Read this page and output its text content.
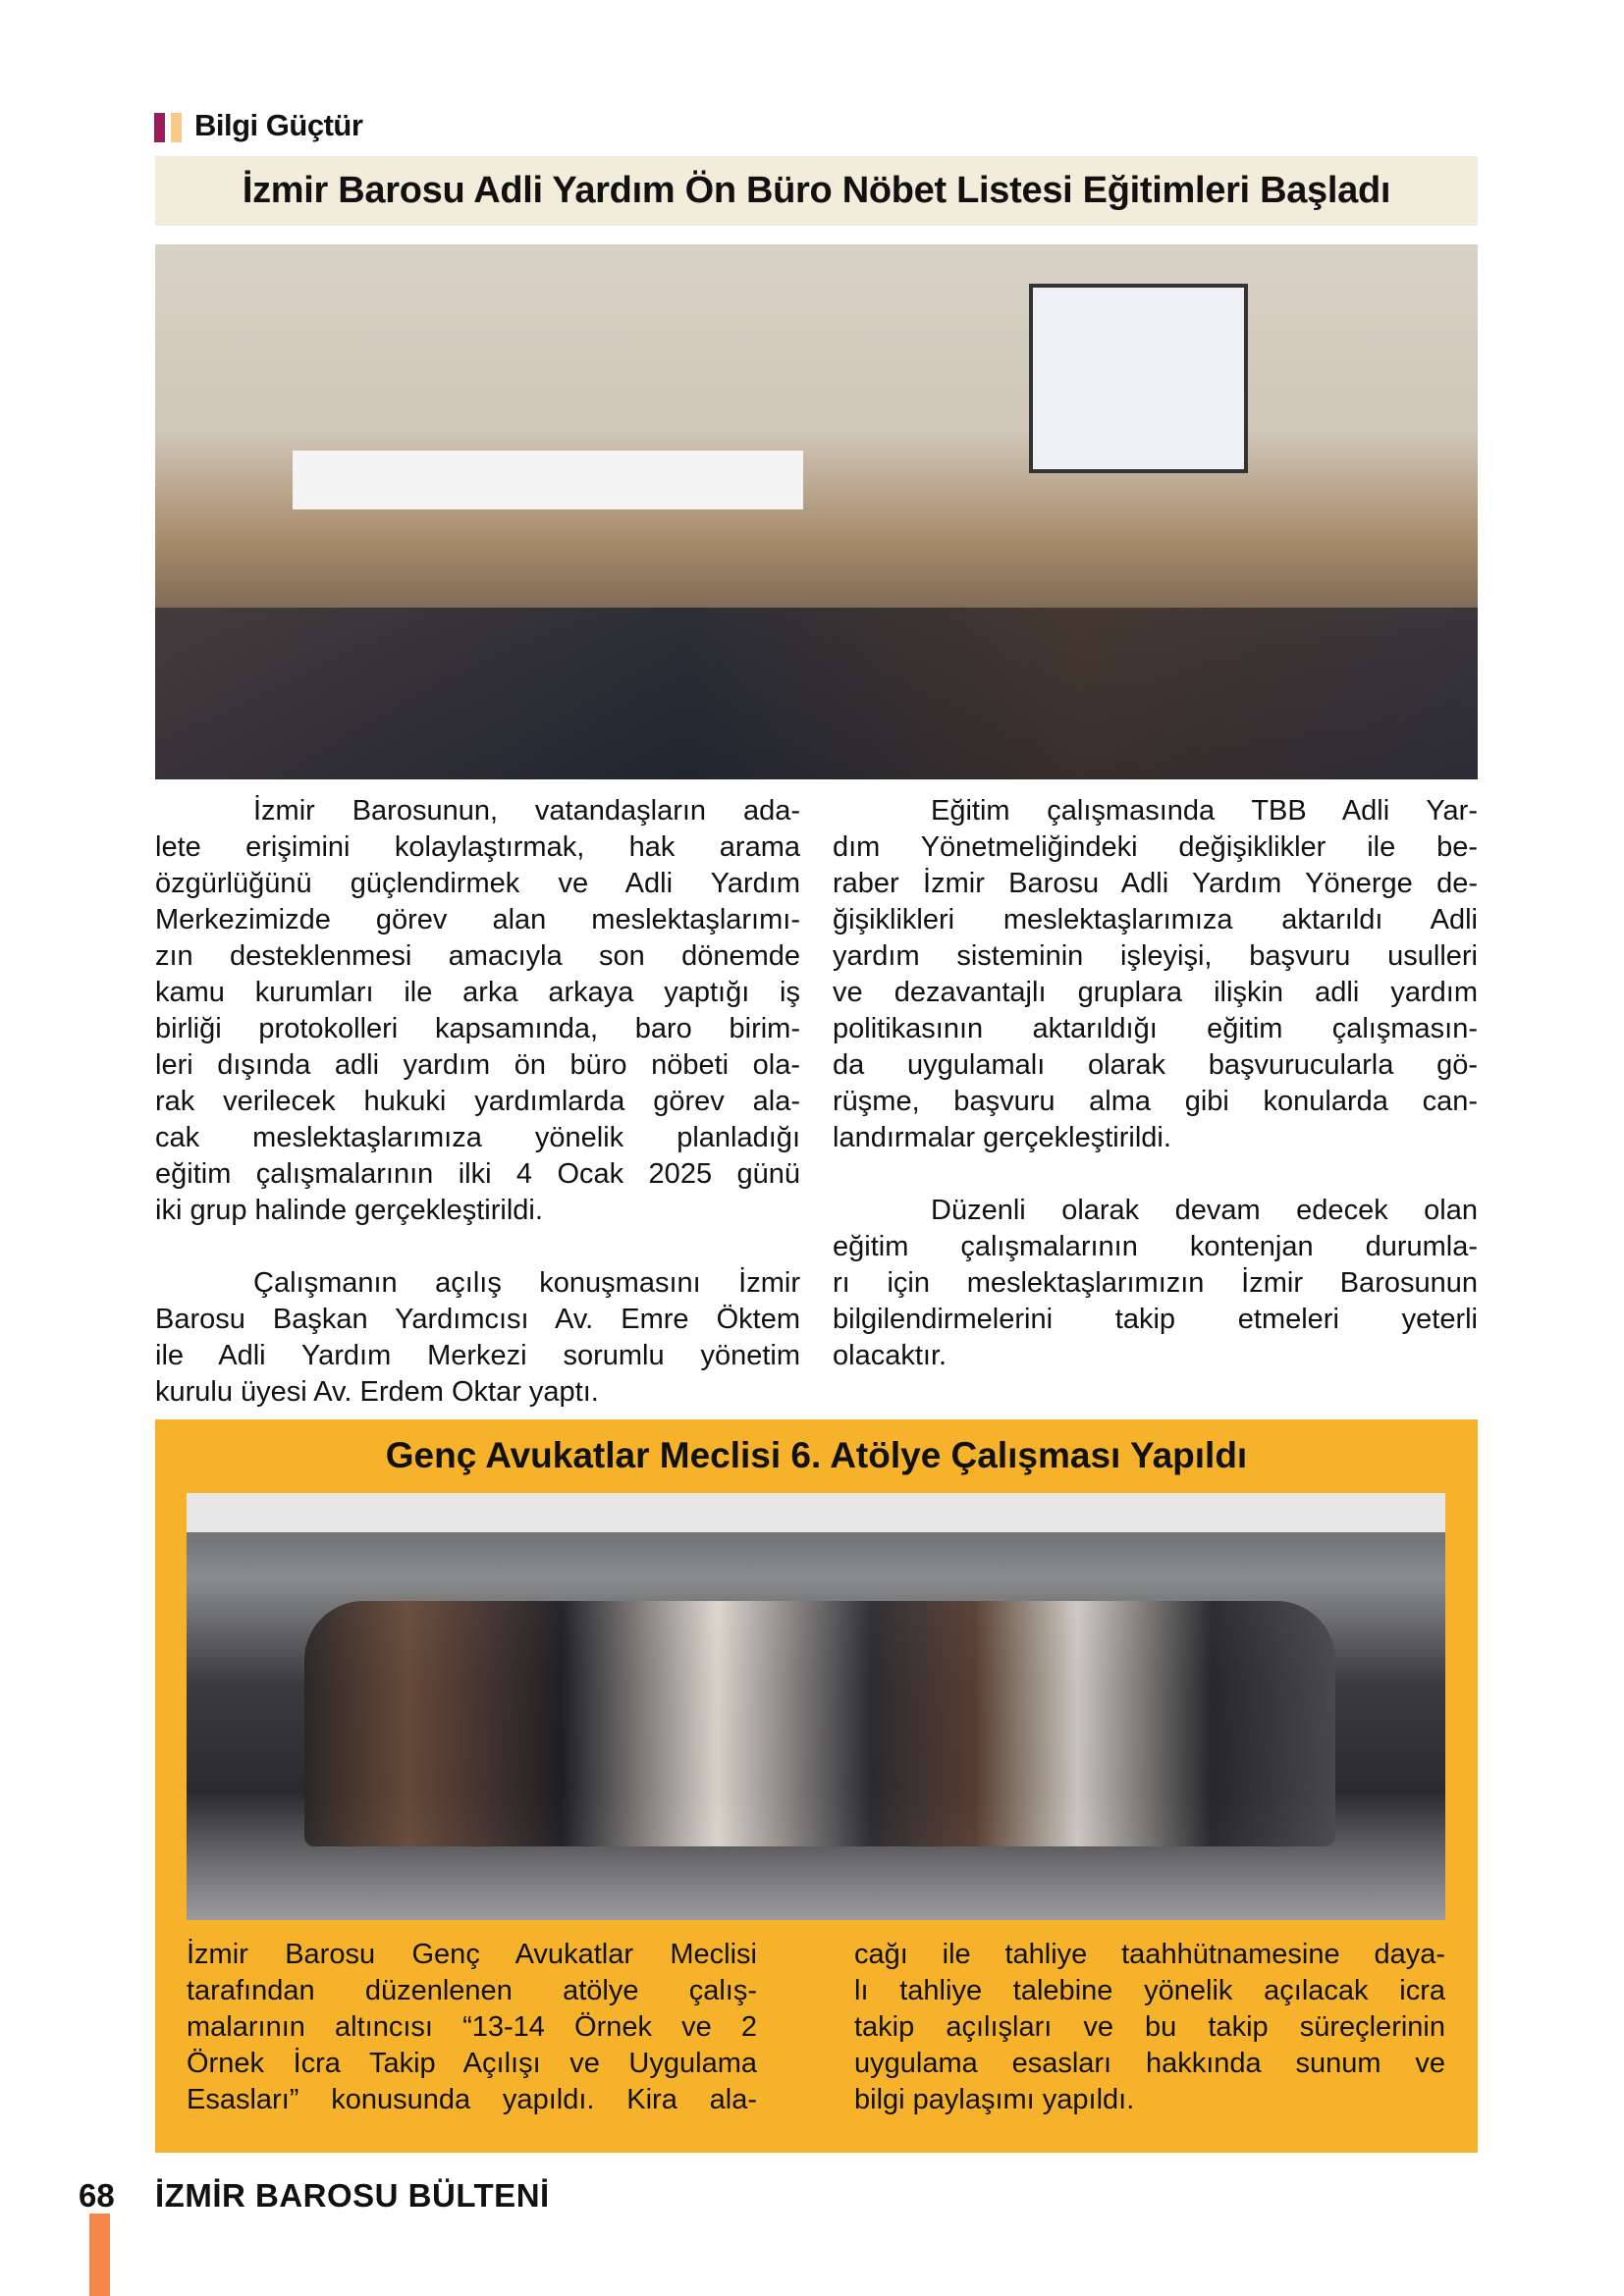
Bilgi Güçtür
İzmir Barosu Adli Yardım Ön Büro Nöbet Listesi Eğitimleri Başladı
İzmir Barosunun, vatandaşların ada-
lete erişimini kolaylaştırmak, hak arama
özgürlüğünü güçlendirmek ve Adli Yardım
Merkezimizde görev alan meslektaşlarımı-
zın desteklenmesi amacıyla son dönemde
kamu kurumları ile arka arkaya yaptığı iş
birliği protokolleri kapsamında, baro birim-
leri dışında adli yardım ön büro nöbeti ola-
rak verilecek hukuki yardımlarda görev ala-
cak meslektaşlarımıza yönelik planladığı
eğitim çalışmalarının ilki 4 Ocak 2025 günü
iki grup halinde gerçekleştirildi.
Çalışmanın açılış konuşmasını İzmir
Barosu Başkan Yardımcısı Av. Emre Öktem
ile Adli Yardım Merkezi sorumlu yönetim
kurulu üyesi Av. Erdem Oktar yaptı.
Eğitim çalışmasında TBB Adli Yar-
dım Yönetmeliğindeki değişiklikler ile be-
raber İzmir Barosu Adli Yardım Yönerge de-
ğişiklikleri meslektaşlarımıza aktarıldı Adli
yardım sisteminin işleyişi, başvuru usulleri
ve dezavantajlı gruplara ilişkin adli yardım
politikasının aktarıldığı eğitim çalışmasın-
da uygulamalı olarak başvurucularla gö-
rüşme, başvuru alma gibi konularda can-
landırmalar gerçekleştirildi.
Düzenli olarak devam edecek olan
eğitim çalışmalarının kontenjan durumla-
rı için meslektaşlarımızın İzmir Barosunun
bilgilendirmelerini takip etmeleri yeterli
olacaktır.
Genç Avukatlar Meclisi 6. Atölye Çalışması Yapıldı
İzmir Barosu Genç Avukatlar Meclisi
tarafından düzenlenen atölye çalış-
malarının altıncısı “13-14 Örnek ve 2
Örnek İcra Takip Açılışı ve Uygulama
Esasları” konusunda yapıldı. Kira ala-
cağı ile tahliye taahhütnamesine daya-
lı tahliye talebine yönelik açılacak icra
takip açılışları ve bu takip süreçlerinin
uygulama esasları hakkında sunum ve
bilgi paylaşımı yapıldı.
68 İZMİR BAROSU BÜLTENİ
